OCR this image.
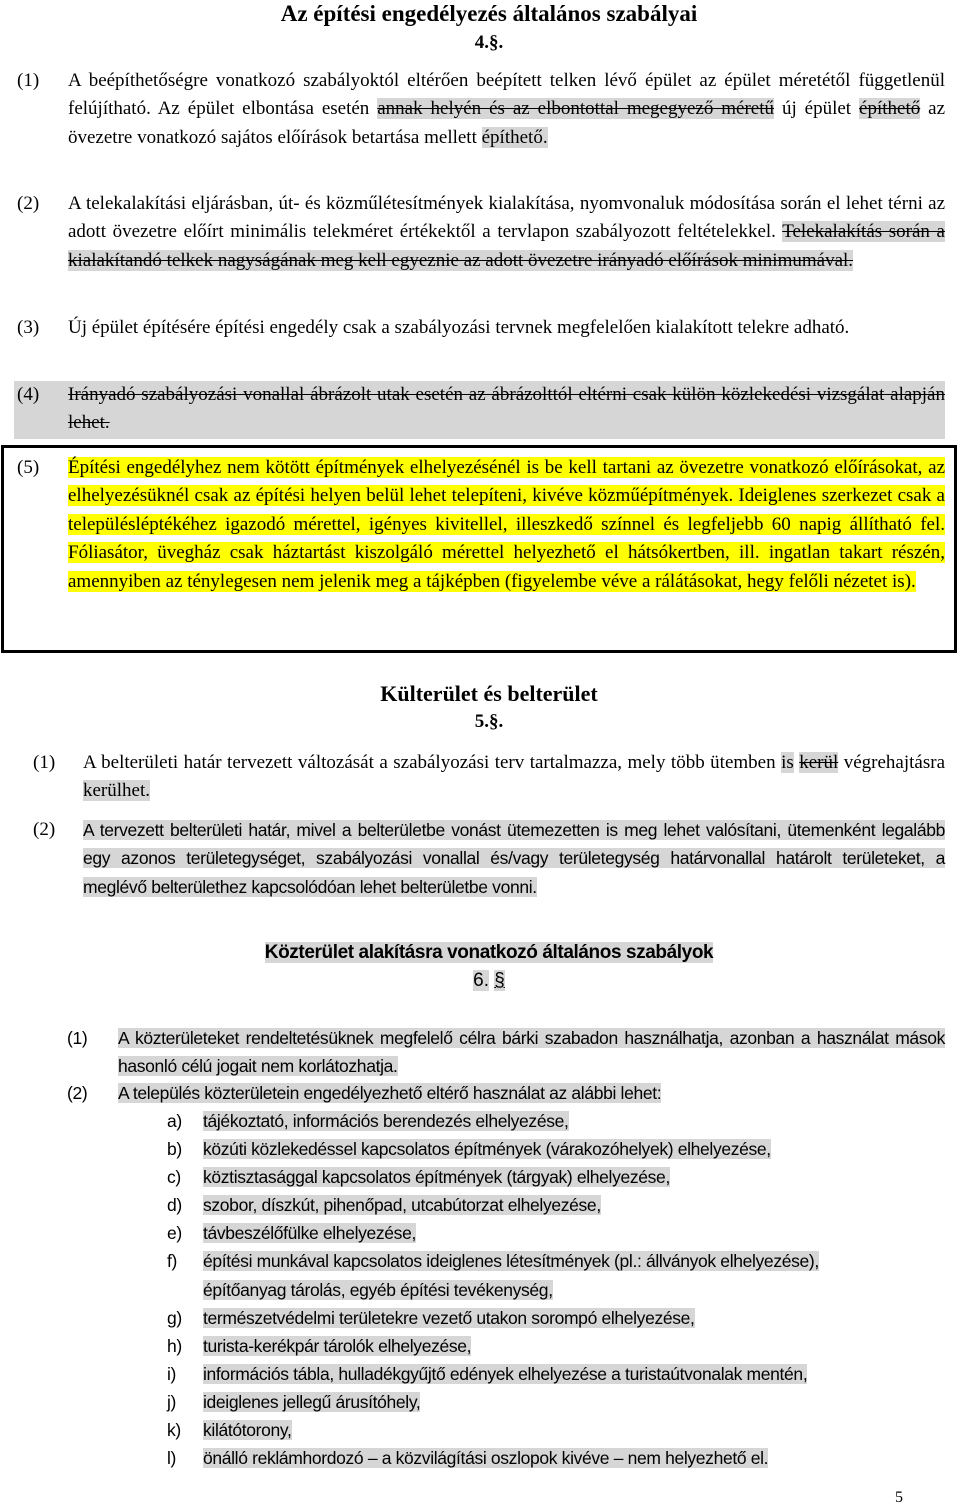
Az építési engedélyezés általános szabályai
4.§.
(1) A beépíthetőségre vonatkozó szabályoktól eltérően beépített telken lévő épület az épület méretétől függetlenül felújítható. Az épület elbontása esetén annak helyén és az elbontottal megegyező méretű új épület építhető az övezetre vonatkozó sajátos előírások betartása mellett építhető.

(2) A telekalakítási eljárásban, út- és közműlétesítmények kialakítása, nyomvonaluk módosítása során el lehet térni az adott övezetre előírt minimális telekméret értékektől a tervlapon szabályozott feltételekkel. Telekalakítás során a kialakítandó telkek nagyságának meg kell egyeznie az adott övezetre irányadó előírások minimumával.

(3) Új épület építésére építési engedély csak a szabályozási tervnek megfelelően kialakított telekre adható.

(4) Irányadó szabályozási vonallal ábrázolt utak esetén az ábrázolttól eltérni csak külön közlekedési vizsgálat alapján lehet.

(5) Építési engedélyhez nem kötött építmények elhelyezésénél is be kell tartani az övezetre vonatkozó előírásokat, az elhelyezésüknél csak az építési helyen belül lehet telepíteni, kivéve közműépítmények. Ideiglenes szerkezet csak a településléptékéhez igazodó mérettel, igényes kivitellel, illeszkedő színnel és legfeljebb 60 napig állítható fel. Fóliasátor, üvegház csak háztartást kiszolgáló mérettel helyezhető el hátsókertben, ill. ingatlan takart részén, amennyiben az ténylegesen nem jelenik meg a tájképben (figyelembe véve a rálátásokat, hegy felőli nézetet is).

Külterület és belterület
5.§.
(1) A belterületi határ tervezett változását a szabályozási terv tartalmazza, mely több ütemben is kerül végrehajtásra kerülhet.

(2) A tervezett belterületi határ, mivel a belterületbe vonást ütemezetten is meg lehet valósítani, ütemenként legalább egy azonos területegységet, szabályozási vonallal és/vagy területegység határvonallal határolt területeket, a meglévő belterülethez kapcsolódóan lehet belterületbe vonni.

Közterület alakításra vonatkozó általános szabályok
6. §
(1) A közterületeket rendeltetésüknek megfelelő célra bárki szabadon használhatja, azonban a használat mások hasonló célú jogait nem korlátozhatja.

(2) A település közterületein engedélyezhető eltérő használat az alábbi lehet:

a) tájékoztató, információs berendezés elhelyezése,
b) közúti közlekedéssel kapcsolatos építmények (várakozóhelyek) elhelyezése,
c) köztisztasággal kapcsolatos építmények (tárgyak) elhelyezése,
d) szobor, díszkút, pihenőpad, utcabútorzat elhelyezése,
e) távbeszélőfülke elhelyezése,
f) építési munkával kapcsolatos ideiglenes létesítmények (pl.: állványok elhelyezése),
építőanyag tárolás, egyéb építési tevékenység,
g) természetvédelmi területekre vezető utakon sorompó elhelyezése,
h) turista-kerékpár tárolók elhelyezése,
i) információs tábla, hulladékgyűjtő edények elhelyezése a turistaútvonalak mentén,
j) ideiglenes jellegű árusítóhely,
k) kilátótorony,
l) önálló reklámhordozó – a közvilágítási oszlopok kivéve – nem helyezhető el.
5
